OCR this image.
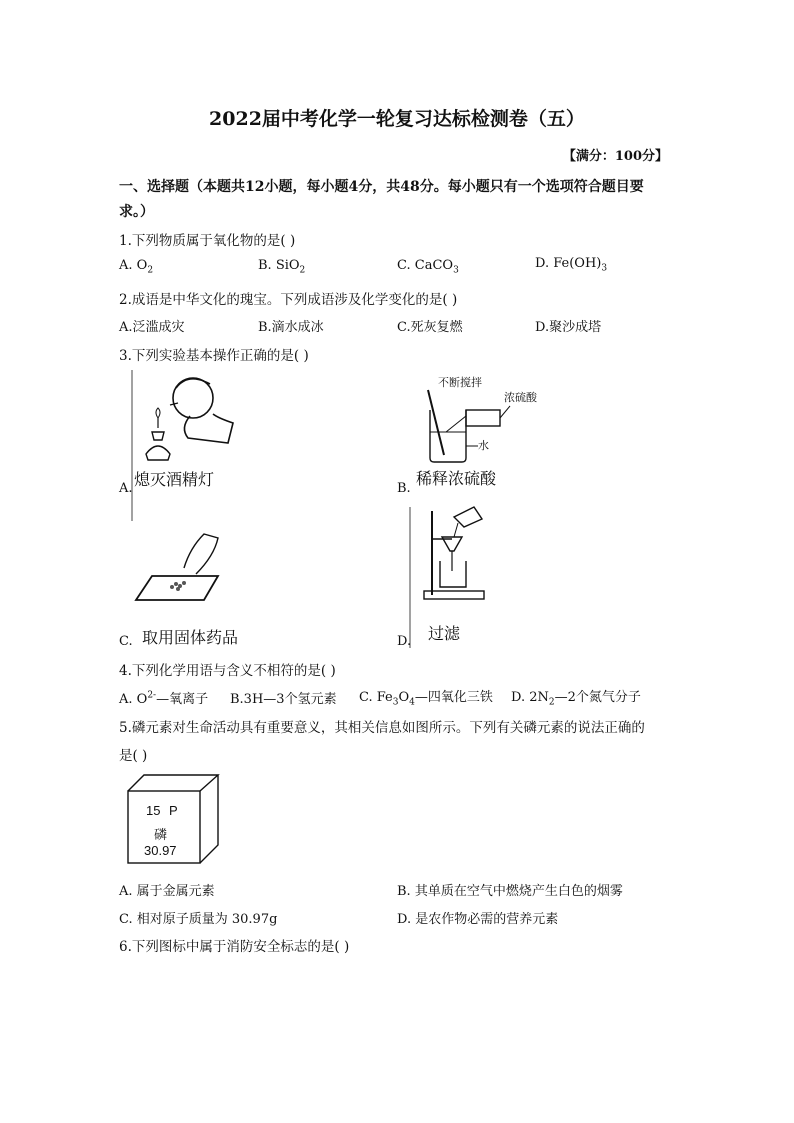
2022届中考化学一轮复习达标检测卷（五）
【满分：100分】
一、选择题（本题共12小题，每小题4分，共48分。每小题只有一个选项符合题目要
求。）
1.下列物质属于氧化物的是( )
A. $O_2$	B. SiO$_2$	C. CaCO$_3$	D. $Fe(OH)_3$
2.成语是中华文化的瑰宝。下列成语涉及化学变化的是( )
A.泛滥成灾	B.滴水成冰	C.死灰复燃	D.聚沙成塔
3.下列实验基本操作正确的是( )
A. 熄灭酒精灯
不断搅拌
浓硫酸
水
B.
稀释浓硫酸
C. 取用固体药品	D. 过滤
4.下列化学用语与含义不相符的是( )
A. $O^{2-}—$氧离子 B.3H—3个氢元素 C. $Fe_3O_4—$四氧化三铁 D. $2N_2—2$个氮气分子
5.磷元素对生命活动具有重要意义，其相关信息如图所示。下列有关磷元素的说法正确的
是( )
15 P
磷
30.97
A. 属于金属元素	B. 其单质在空气中燃烧产生白色的烟雾
C. 相对原子质量为 30.97g	D. 是农作物必需的营养元素
6.下列图标中属于消防安全标志的是( )
